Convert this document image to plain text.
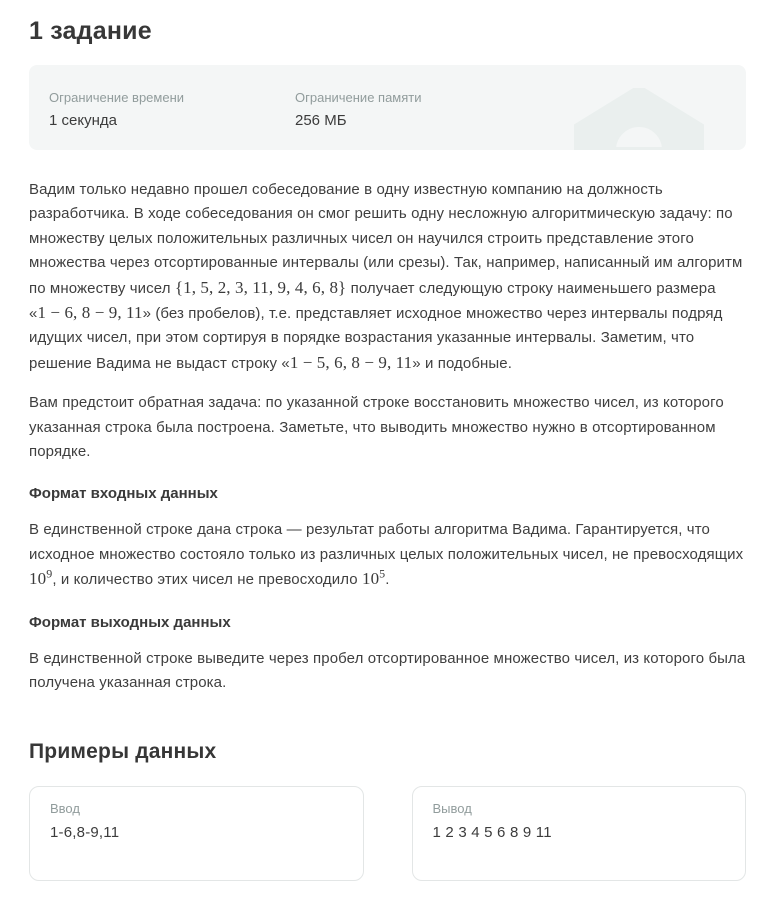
1 задание
Ограничение времени
1 секунда
Ограничение памяти
256 МБ

Вадим только недавно прошел собеседование в одну известную компанию на должность разработчика. В ходе собеседования он смог решить одну несложную алгоритмическую задачу: по множеству целых положительных различных чисел он научился строить представление этого множества через отсортированные интервалы (или срезы). Так, например, написанный им алгоритм по множеству чисел {1, 5, 2, 3, 11, 9, 4, 6, 8} получает следующую строку наименьшего размера «1 − 6, 8 − 9, 11» (без пробелов), т.е. представляет исходное множество через интервалы подряд идущих чисел, при этом сортируя в порядке возрастания указанные интервалы. Заметим, что решение Вадима не выдаст строку «1 − 5, 6, 8 − 9, 11» и подобные.

Вам предстоит обратная задача: по указанной строке восстановить множество чисел, из которого указанная строка была построена. Заметьте, что выводить множество нужно в отсортированном порядке.

Формат входных данных

В единственной строке дана строка — результат работы алгоритма Вадима. Гарантируется, что исходное множество состояло только из различных целых положительных чисел, не превосходящих $10^9$, и количество этих чисел не превосходило $10^5$.

Формат выходных данных

В единственной строке выведите через пробел отсортированное множество чисел, из которого была получена указанная строка.

Примеры данных
Ввод
1-6,8-9,11
Вывод
1 2 3 4 5 6 8 9 11
